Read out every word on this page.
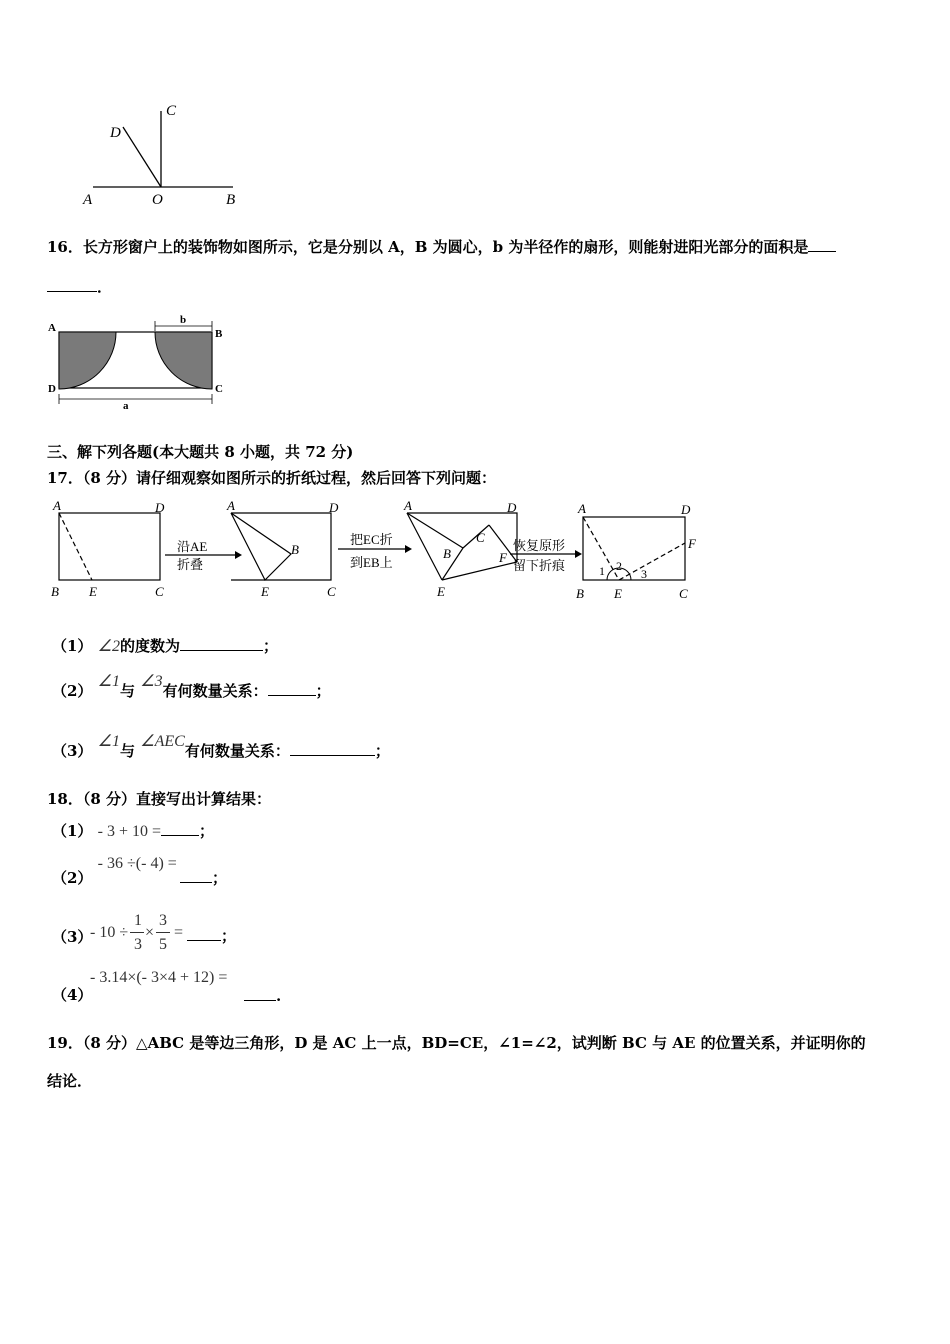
A	O	B
C
D
16．长方形窗户上的装饰物如图所示，它是分别以 A，B 为圆心，b 为半径作的扇形，则能射进阳光部分的面积是
．
A	B
C
D
a
b
三、解下列各题(本大题共 8 小题，共 72 分)
17．（8 分）请仔细观察如图所示的折纸过程，然后回答下列问题：
A	D
B E	C
沿AE
折叠
A	D
B
E	C
把EC折
到EB上
A	D
B
C
F
E
恢复原形
留下折痕
A	D
F
B E	C
1 2
3
（1） ∠2的度数为	；
（2） ∠1与 ∠3有何数量关系：	；
（3） ∠1与 ∠AEC有何数量关系：	；
18．（8 分）直接写出计算结果：
（1） - 3 + 10 =	；
（2） - 36 ÷(- 4) =
；
（3）
- 10 ÷
1
3
×
3
5
=	；
（4）
- 3.14×(- 3×4 + 12) =
.
19．（8 分）△ABC 是等边三角形，D 是 AC 上一点，BD=CE，∠1=∠2，试判断 BC 与 AE 的位置关系，并证明你的
结论．
